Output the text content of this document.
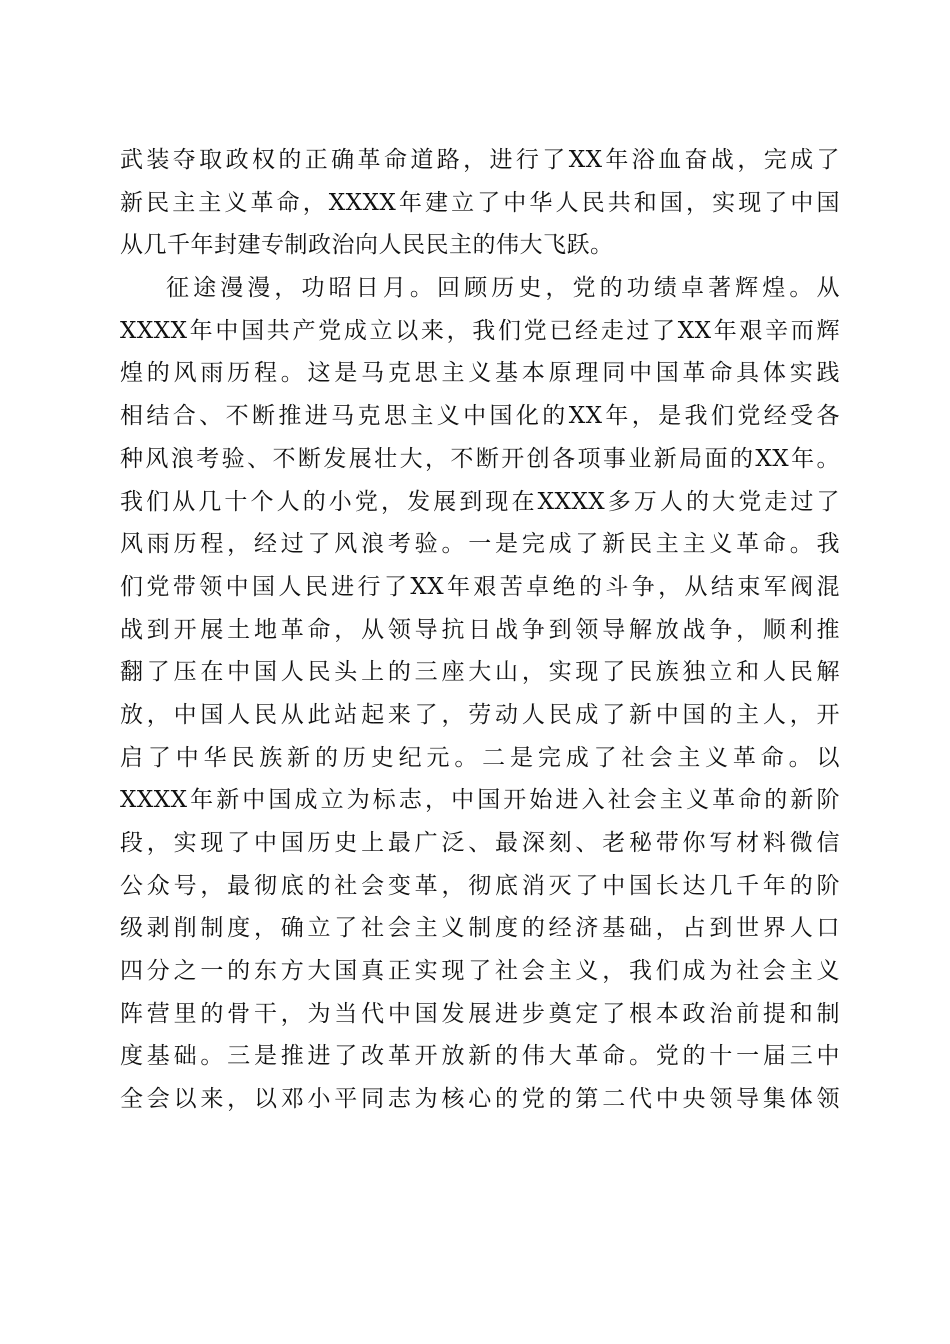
武装夺取政权的正确革命道路，进行了XX年浴血奋战，完成了
新民主主义革命，XXXX年建立了中华人民共和国，实现了中国
从几千年封建专制政治向人民民主的伟大飞跃。
征途漫漫，功昭日月。回顾历史，党的功绩卓著辉煌。从
XXXX年中国共产党成立以来，我们党已经走过了XX年艰辛而辉
煌的风雨历程。这是马克思主义基本原理同中国革命具体实践
相结合、不断推进马克思主义中国化的XX年，是我们党经受各
种风浪考验、不断发展壮大，不断开创各项事业新局面的XX年。
我们从几十个人的小党，发展到现在XXXX多万人的大党走过了
风雨历程，经过了风浪考验。一是完成了新民主主义革命。我
们党带领中国人民进行了XX年艰苦卓绝的斗争，从结束军阀混
战到开展土地革命，从领导抗日战争到领导解放战争，顺利推
翻了压在中国人民头上的三座大山，实现了民族独立和人民解
放，中国人民从此站起来了，劳动人民成了新中国的主人，开
启了中华民族新的历史纪元。二是完成了社会主义革命。以
XXXX年新中国成立为标志，中国开始进入社会主义革命的新阶
段，实现了中国历史上最广泛、最深刻、老秘带你写材料微信
公众号，最彻底的社会变革，彻底消灭了中国长达几千年的阶
级剥削制度，确立了社会主义制度的经济基础，占到世界人口
四分之一的东方大国真正实现了社会主义，我们成为社会主义
阵营里的骨干，为当代中国发展进步奠定了根本政治前提和制
度基础。三是推进了改革开放新的伟大革命。党的十一届三中
全会以来，以邓小平同志为核心的党的第二代中央领导集体领
